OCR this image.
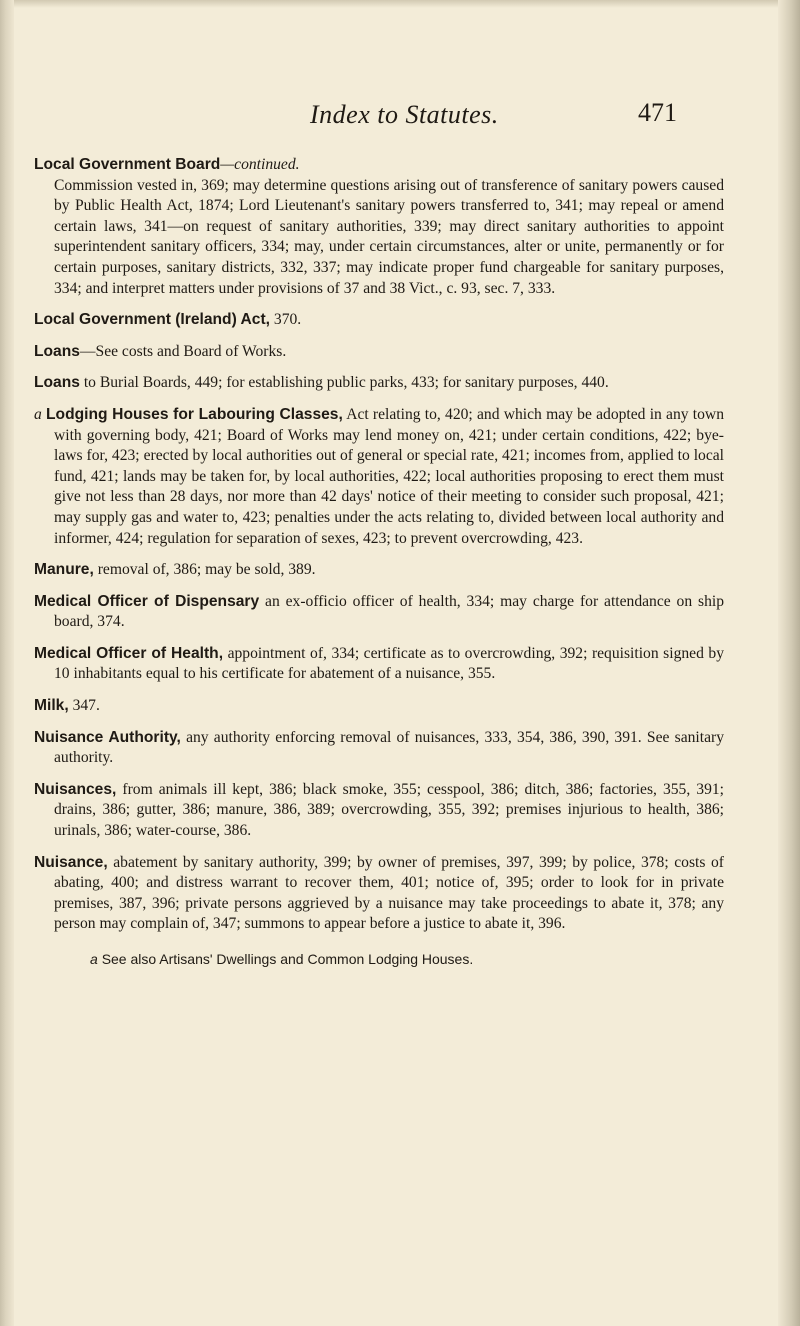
Index to Statutes.	471

Local Government Board—continued.
Commission vested in, 369; may determine questions arising out of transference of sanitary powers caused by Public Health Act, 1874; Lord Lieutenant's sanitary powers transferred to, 341; may repeal or amend certain laws, 341—on request of sanitary authorities, 339; may direct sanitary authorities to appoint superintendent sanitary officers, 334; may, under certain circumstances, alter or unite, permanently or for certain purposes, sanitary districts, 332, 337; may indicate proper fund chargeable for sanitary purposes, 334; and interpret matters under provisions of 37 and 38 Vict., c. 93, sec. 7, 333.

Local Government (Ireland) Act, 370.

Loans—See costs and Board of Works.

Loans to Burial Boards, 449; for establishing public parks, 433; for sanitary purposes, 440.

a Lodging Houses for Labouring Classes, Act relating to, 420; and which may be adopted in any town with governing body, 421; Board of Works may lend money on, 421; under certain conditions, 422; bye-laws for, 423; erected by local authorities out of general or special rate, 421; incomes from, applied to local fund, 421; lands may be taken for, by local authorities, 422; local authorities proposing to erect them must give not less than 28 days, nor more than 42 days' notice of their meeting to consider such proposal, 421; may supply gas and water to, 423; penalties under the acts relating to, divided between local authority and informer, 424; regulation for separation of sexes, 423; to prevent overcrowding, 423.

Manure, removal of, 386; may be sold, 389.

Medical Officer of Dispensary an ex-officio officer of health, 334; may charge for attendance on ship board, 374.

Medical Officer of Health, appointment of, 334; certificate as to overcrowding, 392; requisition signed by 10 inhabitants equal to his certificate for abatement of a nuisance, 355.

Milk, 347.

Nuisance Authority, any authority enforcing removal of nuisances, 333, 354, 386, 390, 391. See sanitary authority.

Nuisances, from animals ill kept, 386; black smoke, 355; cesspool, 386; ditch, 386; factories, 355, 391; drains, 386; gutter, 386; manure, 386, 389; overcrowding, 355, 392; premises injurious to health, 386; urinals, 386; water-course, 386.

Nuisance, abatement by sanitary authority, 399; by owner of premises, 397, 399; by police, 378; costs of abating, 400; and distress warrant to recover them, 401; notice of, 395; order to look for in private premises, 387, 396; private persons aggrieved by a nuisance may take proceedings to abate it, 378; any person may complain of, 347; summons to appear before a justice to abate it, 396.

a See also Artisans' Dwellings and Common Lodging Houses.
